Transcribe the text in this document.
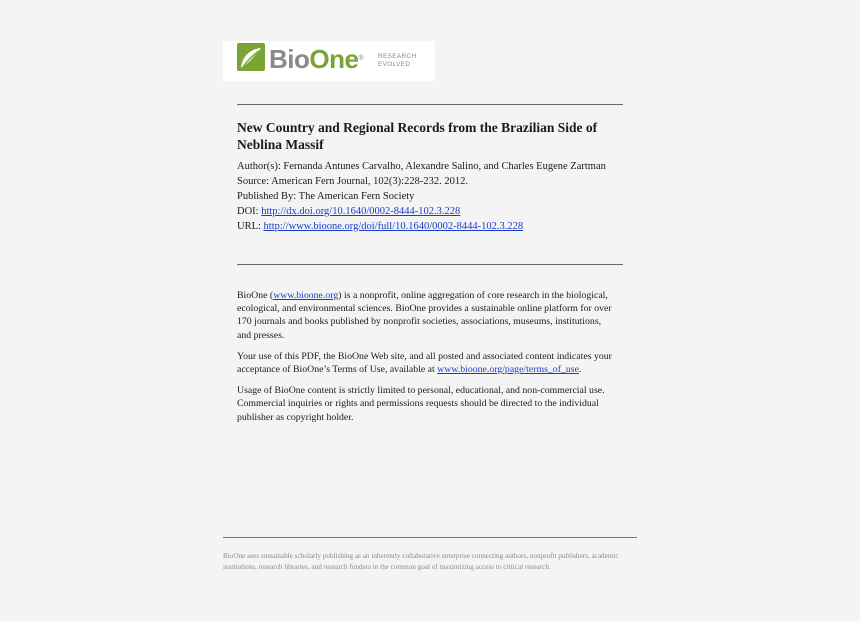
BioOne® RESEARCH
EVOLVED
New Country and Regional Records from the Brazilian Side of Neblina Massif
Author(s): Fernanda Antunes Carvalho, Alexandre Salino, and Charles Eugene Zartman
Source: American Fern Journal, 102(3):228-232. 2012.
Published By: The American Fern Society
DOI: http://dx.doi.org/10.1640/0002-8444-102.3.228
URL: http://www.bioone.org/doi/full/10.1640/0002-8444-102.3.228

BioOne (www.bioone.org) is a nonprofit, online aggregation of core research in the biological, ecological, and environmental sciences. BioOne provides a sustainable online platform for over 170 journals and books published by nonprofit societies, associations, museums, institutions, and presses.

Your use of this PDF, the BioOne Web site, and all posted and associated content indicates your acceptance of BioOne’s Terms of Use, available at www.bioone.org/page/terms_of_use.

Usage of BioOne content is strictly limited to personal, educational, and non-commercial use. Commercial inquiries or rights and permissions requests should be directed to the individual publisher as copyright holder.

BioOne sees sustainable scholarly publishing as an inherently collaborative enterprise connecting authors, nonprofit publishers, academic institutions, research libraries, and research funders in the common goal of maximizing access to critical research.
